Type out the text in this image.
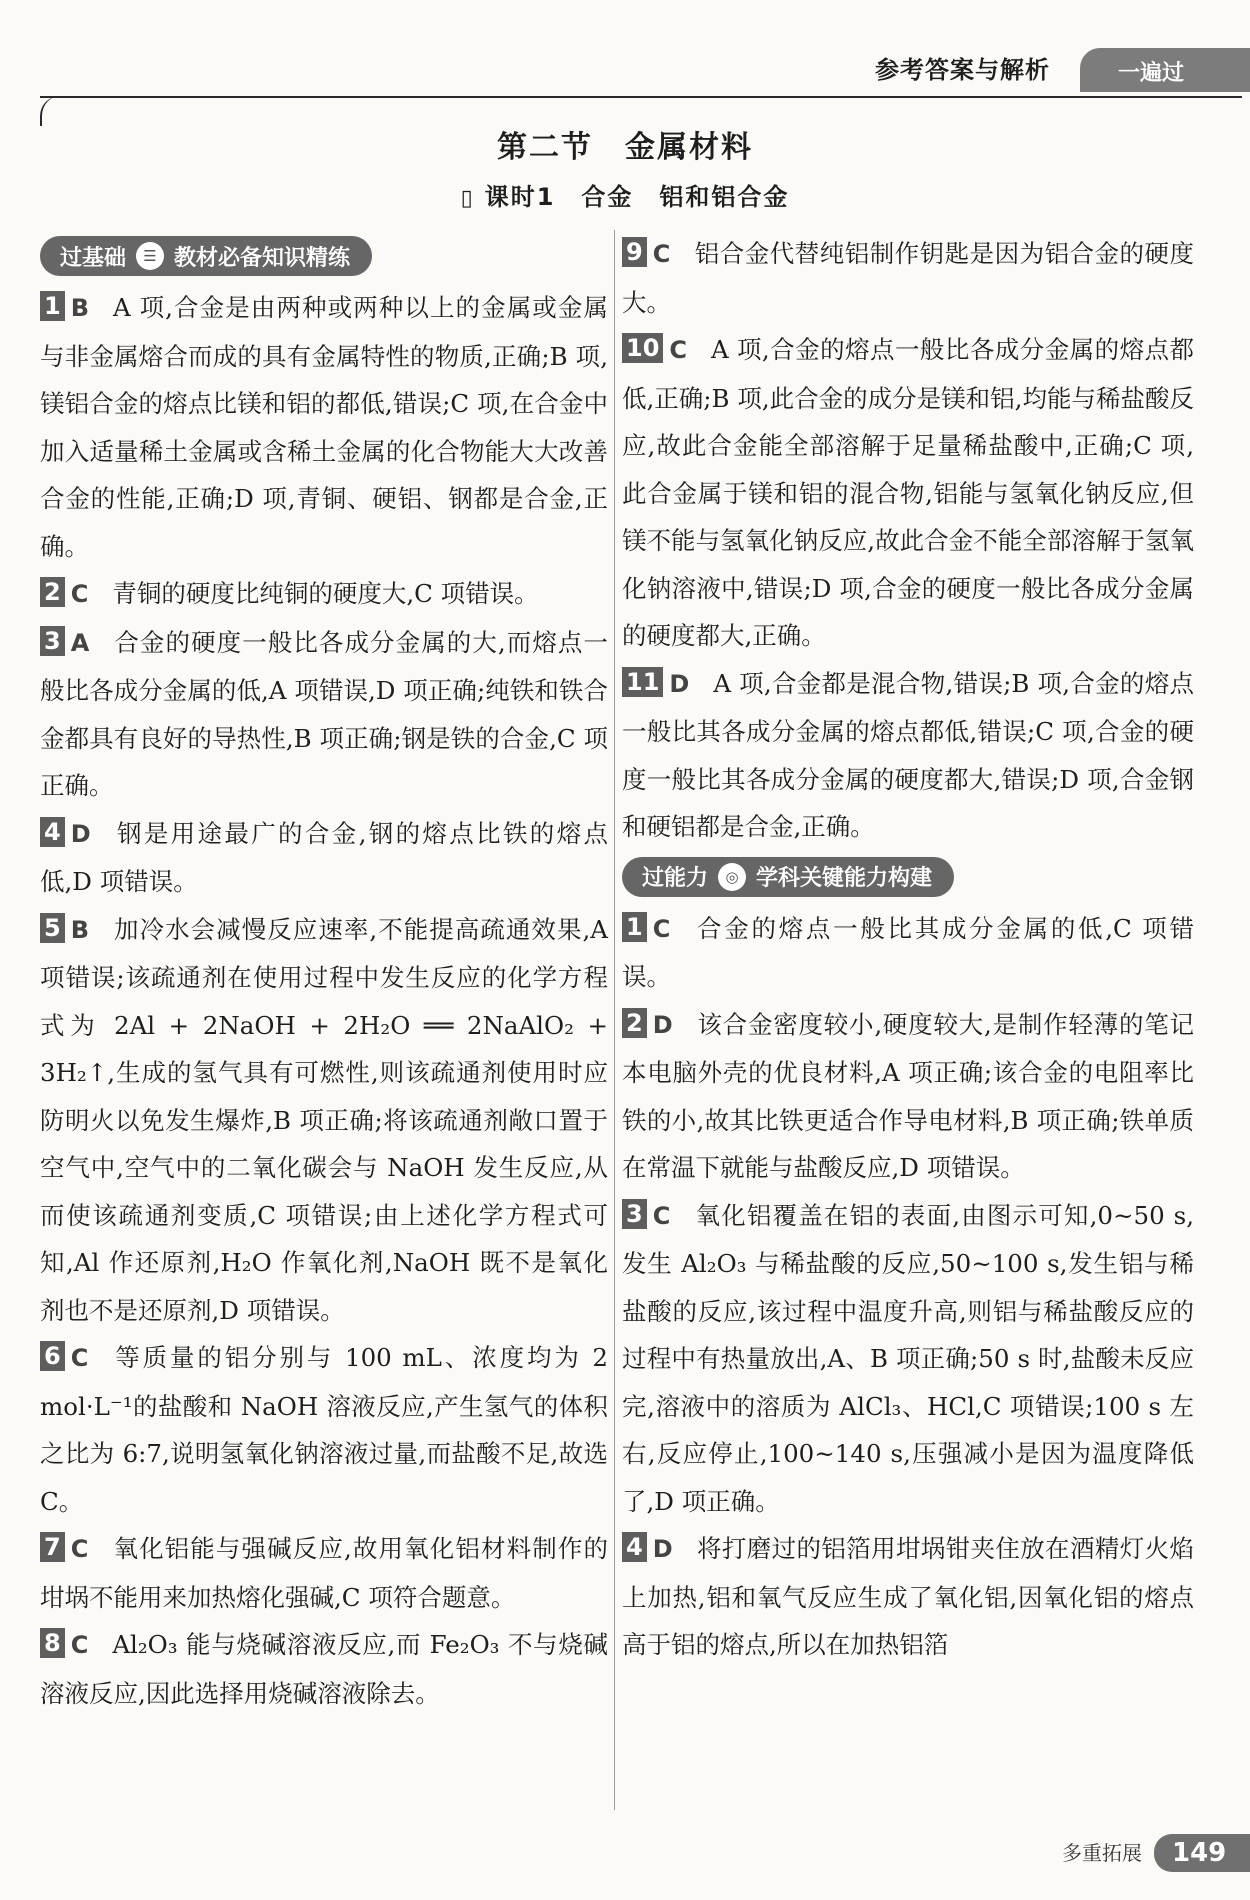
参考答案与解析	一遍过
第二节　金属材料
▯ 课时1　合金　铝和铝合金
过基础	☰ 教材必备知识精练

1 B A 项,合金是由两种或两种以上的金属或金属与非金属熔合而成的具有金属特性的物质,正确;B 项,镁铝合金的熔点比镁和铝的都低,错误;C 项,在合金中加入适量稀土金属或含稀土金属的化合物能大大改善合金的性能,正确;D 项,青铜、硬铝、钢都是合金,正确。

2 C 青铜的硬度比纯铜的硬度大,C 项错误。

3 A 合金的硬度一般比各成分金属的大,而熔点一般比各成分金属的低,A 项错误,D 项正确;纯铁和铁合金都具有良好的导热性,B 项正确;钢是铁的合金,C 项正确。

4 D 钢是用途最广的合金,钢的熔点比铁的熔点低,D 项错误。

5 B 加冷水会减慢反应速率,不能提高疏通效果,A 项错误;该疏通剂在使用过程中发生反应的化学方程式为 2Al + 2NaOH + 2H₂O ══ 2NaAlO₂ + 3H₂↑,生成的氢气具有可燃性,则该疏通剂使用时应防明火以免发生爆炸,B 项正确;将该疏通剂敞口置于空气中,空气中的二氧化碳会与 NaOH 发生反应,从而使该疏通剂变质,C 项错误;由上述化学方程式可知,Al 作还原剂,H₂O 作氧化剂,NaOH 既不是氧化剂也不是还原剂,D 项错误。

6 C 等质量的铝分别与 100 mL、浓度均为 2 mol·L⁻¹的盐酸和 NaOH 溶液反应,产生氢气的体积之比为 6:7,说明氢氧化钠溶液过量,而盐酸不足,故选 C。

7 C 氧化铝能与强碱反应,故用氧化铝材料制作的坩埚不能用来加热熔化强碱,C 项符合题意。

8 C Al₂O₃ 能与烧碱溶液反应,而 Fe₂O₃ 不与烧碱溶液反应,因此选择用烧碱溶液除去。

9 C 铝合金代替纯铝制作钥匙是因为铝合金的硬度大。

10 C A 项,合金的熔点一般比各成分金属的熔点都低,正确;B 项,此合金的成分是镁和铝,均能与稀盐酸反应,故此合金能全部溶解于足量稀盐酸中,正确;C 项,此合金属于镁和铝的混合物,铝能与氢氧化钠反应,但镁不能与氢氧化钠反应,故此合金不能全部溶解于氢氧化钠溶液中,错误;D 项,合金的硬度一般比各成分金属的硬度都大,正确。

11 D A 项,合金都是混合物,错误;B 项,合金的熔点一般比其各成分金属的熔点都低,错误;C 项,合金的硬度一般比其各成分金属的硬度都大,错误;D 项,合金钢和硬铝都是合金,正确。

过能力	◎ 学科关键能力构建

1 C 合金的熔点一般比其成分金属的低,C 项错误。

2 D 该合金密度较小,硬度较大,是制作轻薄的笔记本电脑外壳的优良材料,A 项正确;该合金的电阻率比铁的小,故其比铁更适合作导电材料,B 项正确;铁单质在常温下就能与盐酸反应,D 项错误。

3 C 氧化铝覆盖在铝的表面,由图示可知,0~50 s,发生 Al₂O₃ 与稀盐酸的反应,50~100 s,发生铝与稀盐酸的反应,该过程中温度升高,则铝与稀盐酸反应的过程中有热量放出,A、B 项正确;50 s 时,盐酸未反应完,溶液中的溶质为 AlCl₃、HCl,C 项错误;100 s 左右,反应停止,100~140 s,压强减小是因为温度降低了,D 项正确。

4 D 将打磨过的铝箔用坩埚钳夹住放在酒精灯火焰上加热,铝和氧气反应生成了氧化铝,因氧化铝的熔点高于铝的熔点,所以在加热铝箔

多重拓展 149
